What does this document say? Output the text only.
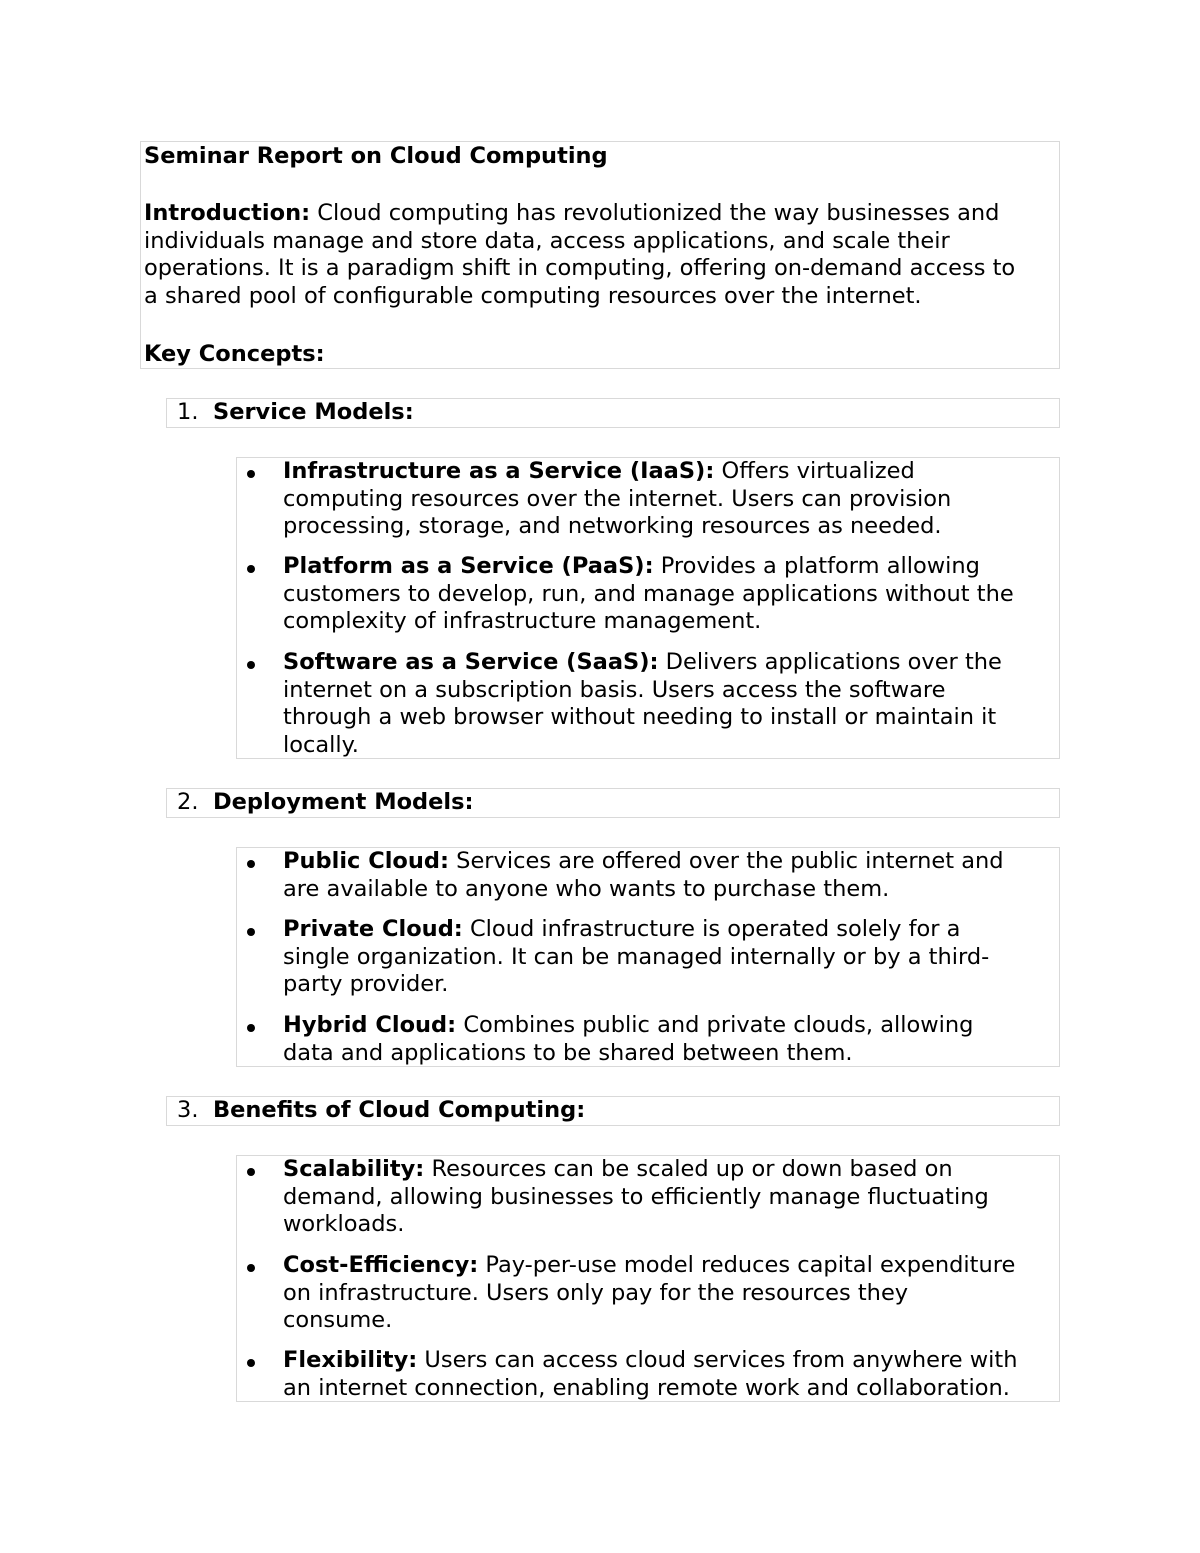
Seminar Report on Cloud Computing
Introduction: Cloud computing has revolutionized the way businesses and
individuals manage and store data, access applications, and scale their
operations. It is a paradigm shift in computing, offering on-demand access to
a shared pool of configurable computing resources over the internet.
Key Concepts:
1. Service Models:
Infrastructure as a Service (IaaS): Offers virtualized
computing resources over the internet. Users can provision
processing, storage, and networking resources as needed.
Platform as a Service (PaaS): Provides a platform allowing
customers to develop, run, and manage applications without the
complexity of infrastructure management.
Software as a Service (SaaS): Delivers applications over the
internet on a subscription basis. Users access the software
through a web browser without needing to install or maintain it
locally.
2. Deployment Models:
Public Cloud: Services are offered over the public internet and
are available to anyone who wants to purchase them.
Private Cloud: Cloud infrastructure is operated solely for a
single organization. It can be managed internally or by a third-
party provider.
Hybrid Cloud: Combines public and private clouds, allowing
data and applications to be shared between them.
3. Benefits of Cloud Computing:
Scalability: Resources can be scaled up or down based on
demand, allowing businesses to efficiently manage fluctuating
workloads.
Cost-Efficiency: Pay-per-use model reduces capital expenditure
on infrastructure. Users only pay for the resources they
consume.
Flexibility: Users can access cloud services from anywhere with
an internet connection, enabling remote work and collaboration.
